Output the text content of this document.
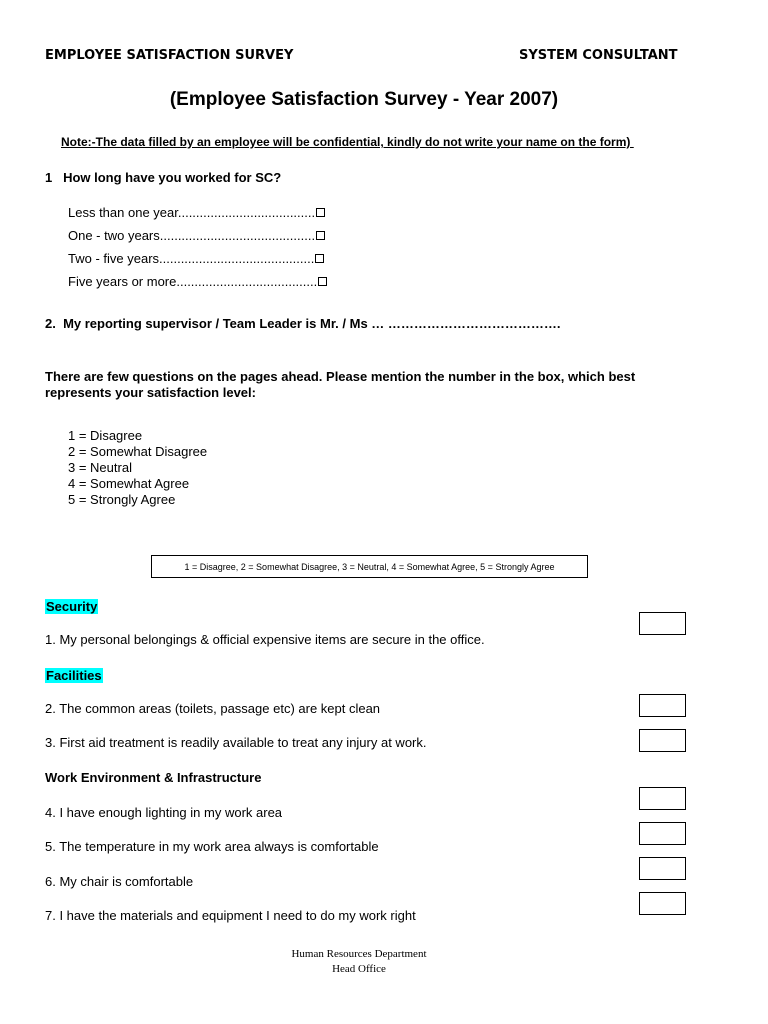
EMPLOYEE SATISFACTION SURVEY	SYSTEM CONSULTANT
(Employee Satisfaction Survey - Year 2007)
Note:-The data filled by an employee will be confidential, kindly do not write your name on the form)
1   How long have you worked for SC?
Less than one year......................................
One - two years...........................................
Two - five years...........................................
Five years or more.......................................
2.  My reporting supervisor / Team Leader is Mr. / Ms … ………………………………….
There are few questions on the pages ahead. Please mention the number in the box, which best represents your satisfaction level:
1 = Disagree
2 = Somewhat Disagree
3 = Neutral
4 = Somewhat Agree
5 = Strongly Agree
1 = Disagree, 2 = Somewhat Disagree, 3 = Neutral, 4 = Somewhat Agree, 5 = Strongly Agree
Security
1. My personal belongings & official expensive items are secure in the office.
Facilities
2. The common areas (toilets, passage etc) are kept clean
3. First aid treatment is readily available to treat any injury at work.
Work Environment & Infrastructure
4. I have enough lighting in my work area
5. The temperature in my work area always is comfortable
6. My chair is comfortable
7. I have the materials and equipment I need to do my work right
Human Resources Department
Head Office
